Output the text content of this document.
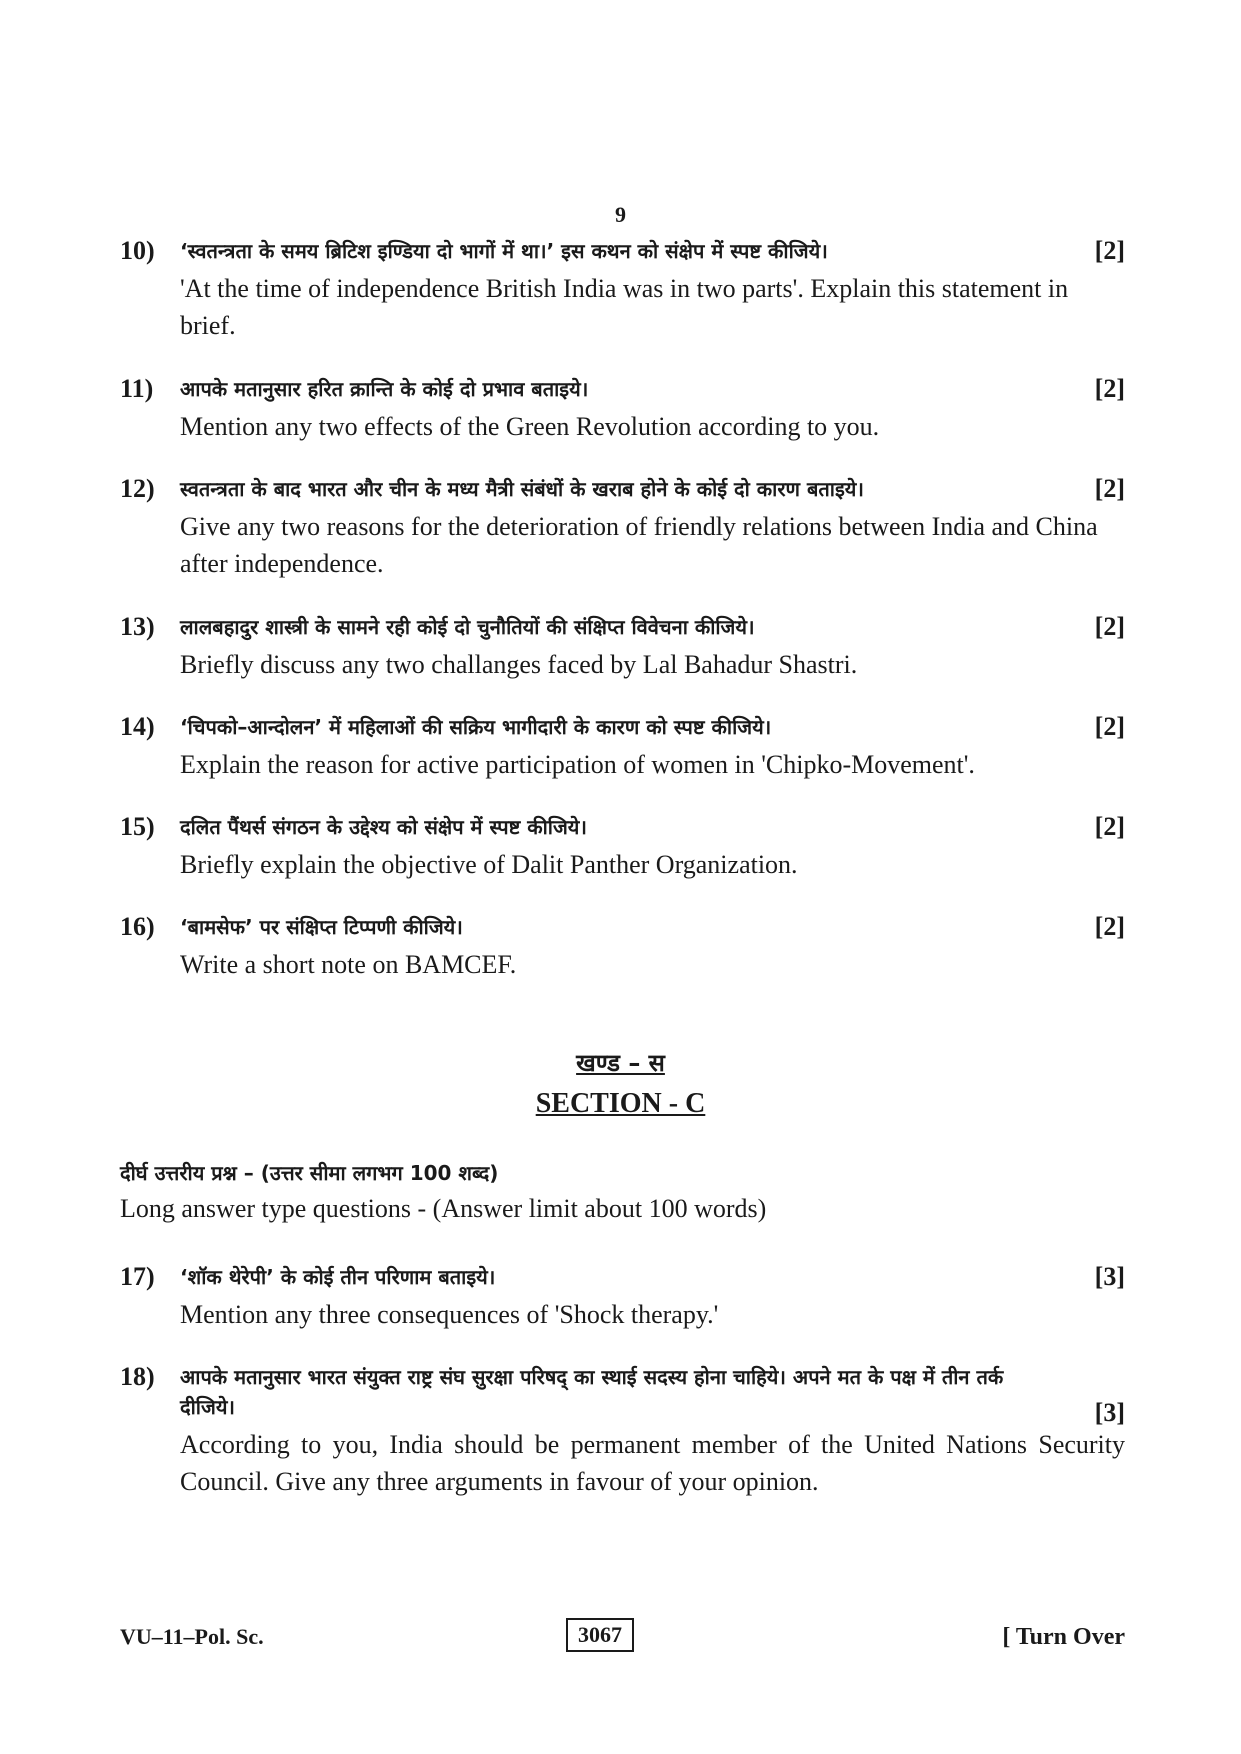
9
10) ‘स्वतन्त्रता के समय ब्रिटिश इण्डिया दो भागों में था।’ इस कथन को संक्षेप में स्पष्ट कीजिये।	[2]
'At the time of independence British India was in two parts'. Explain this statement in brief.
11) आपके मतानुसार हरित क्रान्ति के कोई दो प्रभाव बताइये।	[2]
Mention any two effects of the Green Revolution according to you.
12) स्वतन्त्रता के बाद भारत और चीन के मध्य मैत्री संबंधों के खराब होने के कोई दो कारण बताइये।	[2]
Give any two reasons for the deterioration of friendly relations between India and China after independence.
13) लालबहादुर शास्त्री के सामने रही कोई दो चुनौतियों की संक्षिप्त विवेचना कीजिये।	[2]
Briefly discuss any two challanges faced by Lal Bahadur Shastri.
14) ‘चिपको–आन्दोलन’ में महिलाओं की सक्रिय भागीदारी के कारण को स्पष्ट कीजिये।	[2]
Explain the reason for active participation of women in 'Chipko-Movement'.
15) दलित पैंथर्स संगठन के उद्देश्य को संक्षेप में स्पष्ट कीजिये।	[2]
Briefly explain the objective of Dalit Panther Organization.
16) ‘बामसेफ’ पर संक्षिप्त टिप्पणी कीजिये।	[2]
Write a short note on BAMCEF.
खण्ड – स
SECTION - C
दीर्घ उत्तरीय प्रश्न – (उत्तर सीमा लगभग 100 शब्द)
Long answer type questions - (Answer limit about 100 words)
17) ‘शॉक थेरेपी’ के कोई तीन परिणाम बताइये।	[3]
Mention any three consequences of 'Shock therapy.'
18) आपके मतानुसार भारत संयुक्त राष्ट्र संघ सुरक्षा परिषद् का स्थाई सदस्य होना चाहिये। अपने मत के पक्ष में तीन तर्क दीजिये।	[3]
According to you, India should be permanent member of the United Nations Security Council. Give any three arguments in favour of your opinion.
VU–11–Pol. Sc.	3067	[ Turn Over
